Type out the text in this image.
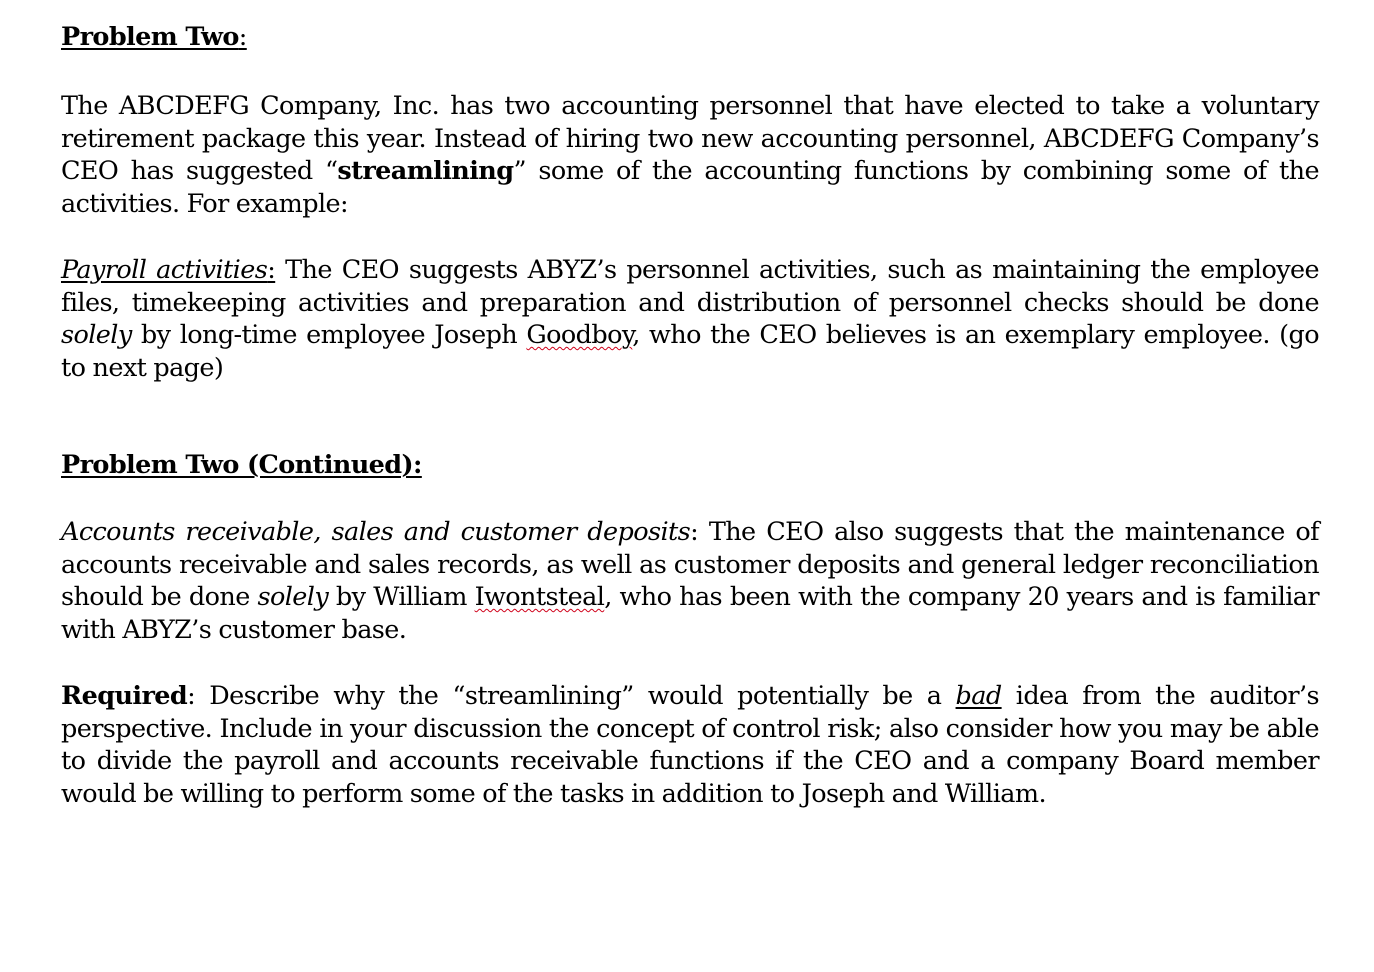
Problem Two:

The ABCDEFG Company, Inc. has two accounting personnel that have elected to take a voluntary retirement package this year. Instead of hiring two new accounting personnel, ABCDEFG Company’s CEO has suggested “streamlining” some of the accounting functions by combining some of the activities. For example:

Payroll activities: The CEO suggests ABYZ’s personnel activities, such as maintaining the employee files, timekeeping activities and preparation and distribution of personnel checks should be done solely by long-time employee Joseph Goodboy, who the CEO believes is an exemplary employee. (go to next page)

Problem Two (Continued):

Accounts receivable, sales and customer deposits: The CEO also suggests that the maintenance of accounts receivable and sales records, as well as customer deposits and general ledger reconciliation should be done solely by William Iwontsteal, who has been with the company 20 years and is familiar with ABYZ’s customer base.

Required: Describe why the “streamlining” would potentially be a bad idea from the auditor’s perspective. Include in your discussion the concept of control risk; also consider how you may be able to divide the payroll and accounts receivable functions if the CEO and a company Board member would be willing to perform some of the tasks in addition to Joseph and William.
